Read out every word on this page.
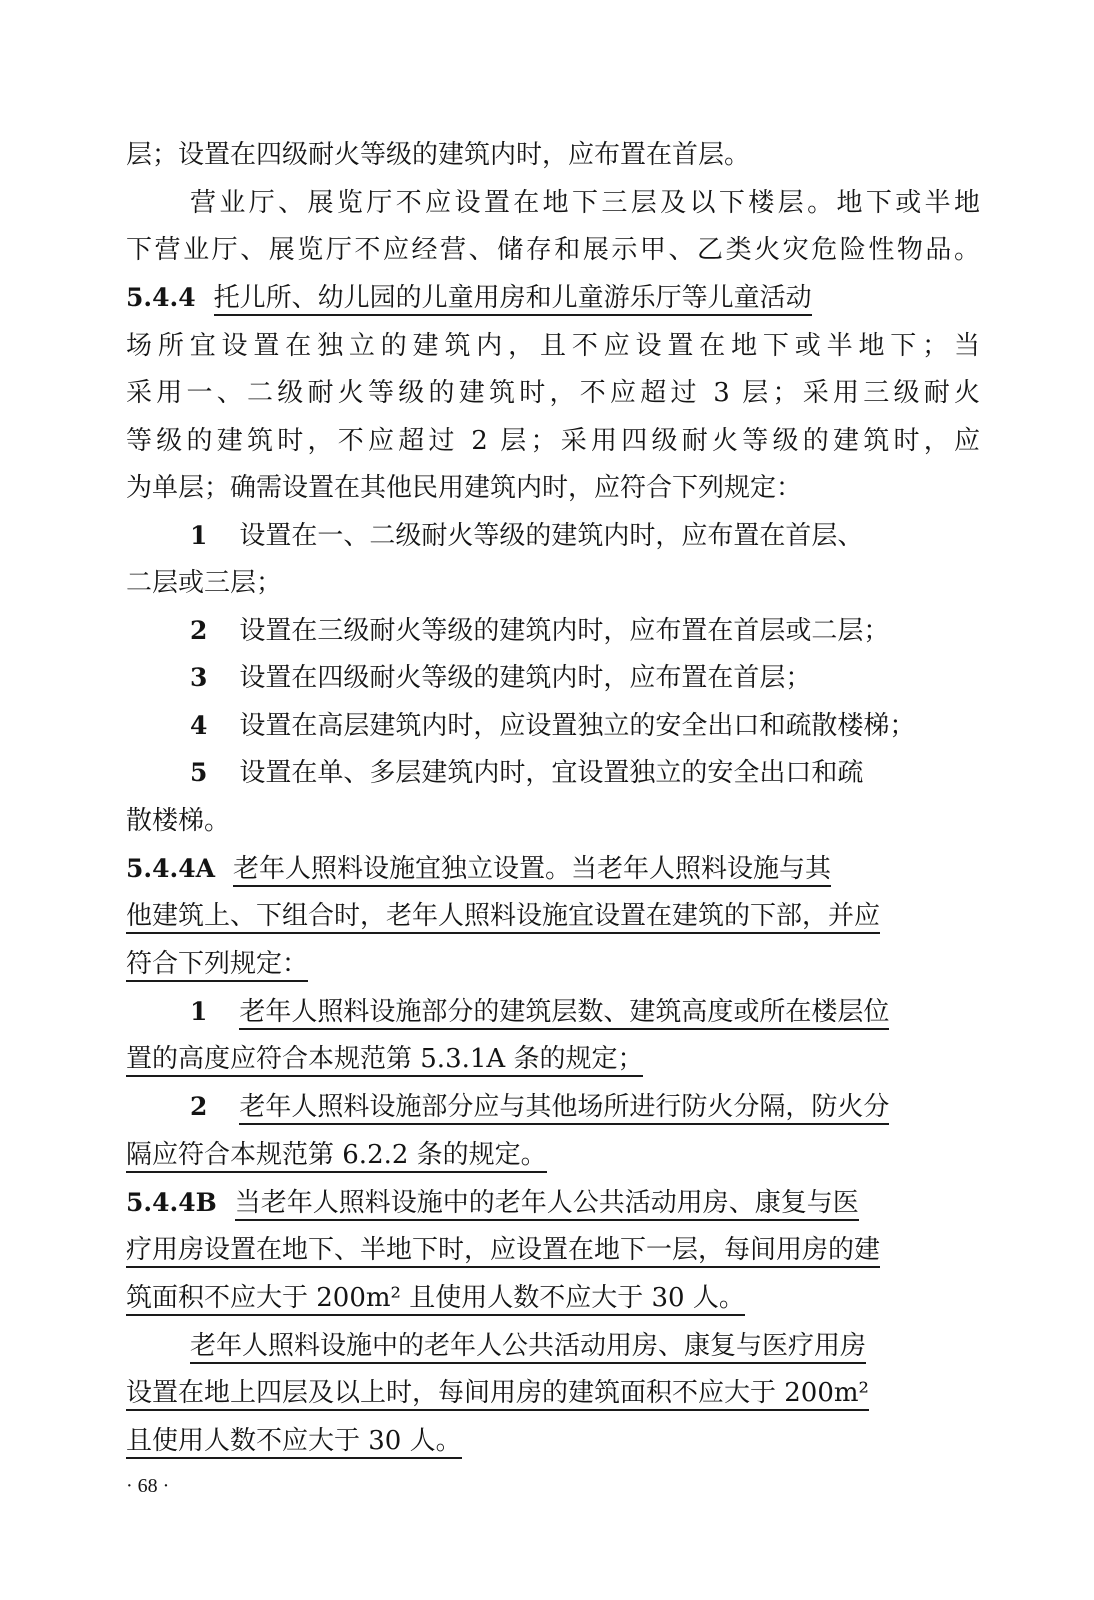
层；设置在四级耐火等级的建筑内时，应布置在首层。
营业厅、展览厅不应设置在地下三层及以下楼层。地下或半地
下营业厅、展览厅不应经营、储存和展示甲、乙类火灾危险性物品。
5.4.4 托儿所、幼儿园的儿童用房和儿童游乐厅等儿童活动
场所宜设置在独立的建筑内，且不应设置在地下或半地下；当
采用一、二级耐火等级的建筑时，不应超过 3 层；采用三级耐火
等级的建筑时，不应超过 2 层；采用四级耐火等级的建筑时，应
为单层；确需设置在其他民用建筑内时，应符合下列规定：
1 设置在一、二级耐火等级的建筑内时，应布置在首层、
二层或三层；
2 设置在三级耐火等级的建筑内时，应布置在首层或二层；
3 设置在四级耐火等级的建筑内时，应布置在首层；
4 设置在高层建筑内时，应设置独立的安全出口和疏散楼梯；
5 设置在单、多层建筑内时，宜设置独立的安全出口和疏
散楼梯。
5.4.4A 老年人照料设施宜独立设置。当老年人照料设施与其
他建筑上、下组合时，老年人照料设施宜设置在建筑的下部，并应
符合下列规定：
1 老年人照料设施部分的建筑层数、建筑高度或所在楼层位
置的高度应符合本规范第 5.3.1A 条的规定；
2 老年人照料设施部分应与其他场所进行防火分隔，防火分
隔应符合本规范第 6.2.2 条的规定。
5.4.4B 当老年人照料设施中的老年人公共活动用房、康复与医
疗用房设置在地下、半地下时，应设置在地下一层，每间用房的建
筑面积不应大于 200m² 且使用人数不应大于 30 人。
老年人照料设施中的老年人公共活动用房、康复与医疗用房
设置在地上四层及以上时，每间用房的建筑面积不应大于 200m²
且使用人数不应大于 30 人。
· 68 ·
